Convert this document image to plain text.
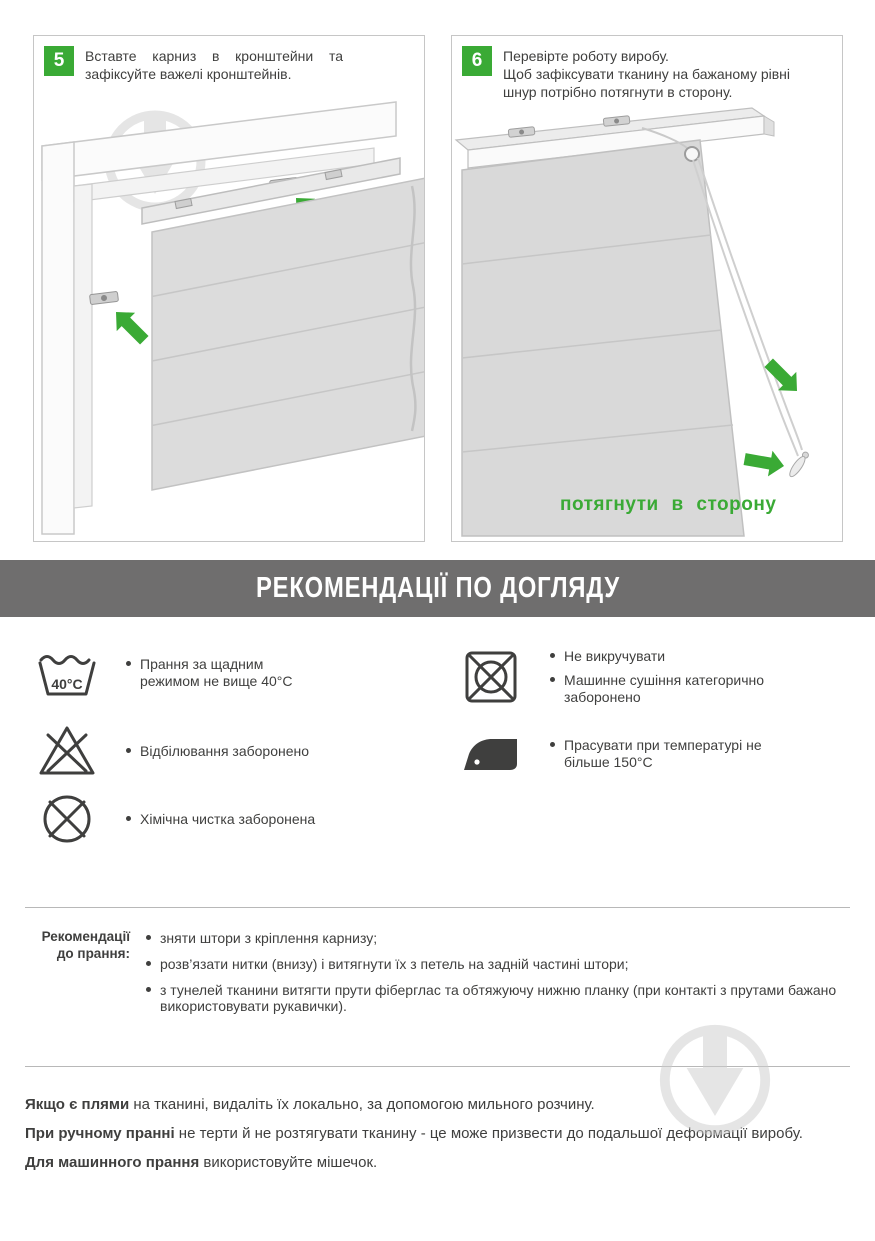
5	Вставте карниз в кронштейни та зафіксуйте важелі кронштейнів.
6	Перевірте роботу виробу.
Щоб зафіксувати тканину на бажаному рівні шнур потрібно потягнути в сторону.
потягнути в сторону
РЕКОМЕНДАЦІЇ ПО ДОГЛЯДУ
40°С
Прання за щадним режимом не вище 40°С
Відбілювання заборонено
Хімічна чистка заборонена
Не викручувати
Машинне сушіння категорично заборонено
Прасувати при температурі не більше 150°С
Рекомендації до прання:
зняти штори з кріплення карнизу;
розв’язати нитки (внизу) і витягнути їх з петель на задній частині штори;
з тунелей тканини витягти прути фіберглас та обтяжуючу нижню планку (при контакті з прутами бажано використовувати рукавички).
Якщо є плями на тканині, видаліть їх локально, за допомогою мильного розчину.
При ручному пранні не терти й не розтягувати тканину - це може призвести до подальшої деформації виробу.
Для машинного прання використовуйте мішечок.
